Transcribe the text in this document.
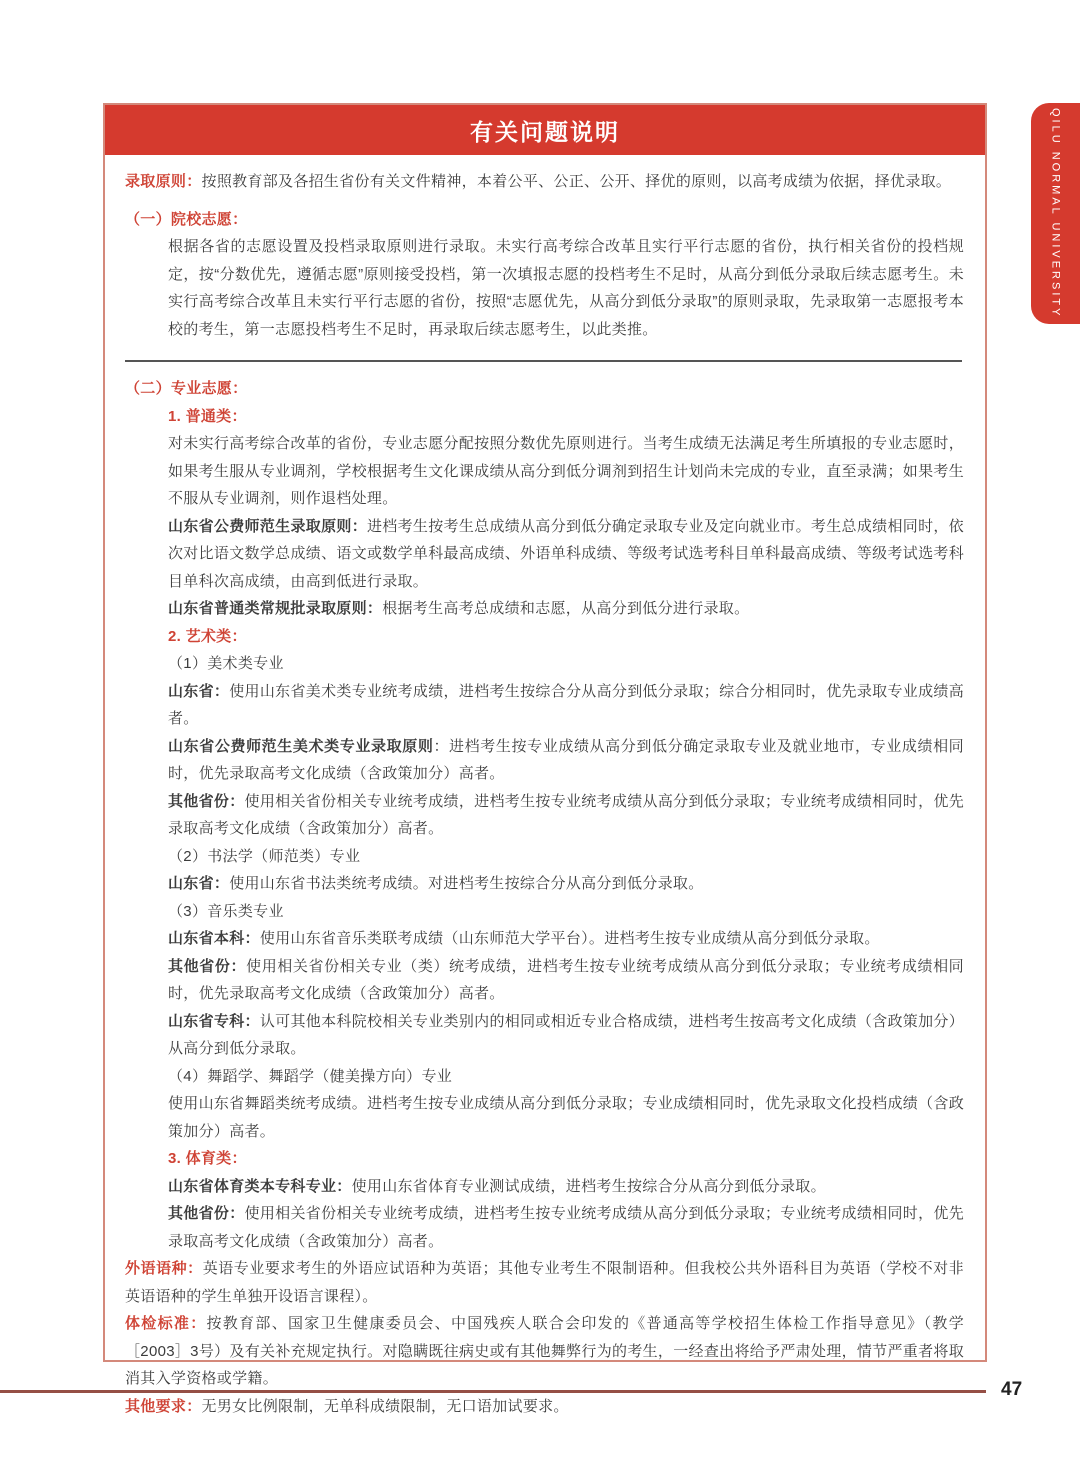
有关问题说明
录取原则：按照教育部及各招生省份有关文件精神，本着公平、公正、公开、择优的原则，以高考成绩为依据，择优录取。
（一）院校志愿：
根据各省的志愿设置及投档录取原则进行录取。未实行高考综合改革且实行平行志愿的省份，执行相关省份的投档规定，按“分数优先，遵循志愿”原则接受投档，第一次填报志愿的投档考生不足时，从高分到低分录取后续志愿考生。未实行高考综合改革且未实行平行志愿的省份，按照“志愿优先，从高分到低分录取”的原则录取，先录取第一志愿报考本校的考生，第一志愿投档考生不足时，再录取后续志愿考生，以此类推。
（二）专业志愿：
1. 普通类：
对未实行高考综合改革的省份，专业志愿分配按照分数优先原则进行。当考生成绩无法满足考生所填报的专业志愿时，如果考生服从专业调剂，学校根据考生文化课成绩从高分到低分调剂到招生计划尚未完成的专业，直至录满；如果考生不服从专业调剂，则作退档处理。
山东省公费师范生录取原则：进档考生按考生总成绩从高分到低分确定录取专业及定向就业市。考生总成绩相同时，依次对比语文数学总成绩、语文或数学单科最高成绩、外语单科成绩、等级考试选考科目单科最高成绩、等级考试选考科目单科次高成绩，由高到低进行录取。
山东省普通类常规批录取原则：根据考生高考总成绩和志愿，从高分到低分进行录取。
2. 艺术类：
（1）美术类专业
山东省：使用山东省美术类专业统考成绩，进档考生按综合分从高分到低分录取；综合分相同时，优先录取专业成绩高者。
山东省公费师范生美术类专业录取原则：进档考生按专业成绩从高分到低分确定录取专业及就业地市，专业成绩相同时，优先录取高考文化成绩（含政策加分）高者。
其他省份：使用相关省份相关专业统考成绩，进档考生按专业统考成绩从高分到低分录取；专业统考成绩相同时，优先录取高考文化成绩（含政策加分）高者。
（2）书法学（师范类）专业
山东省：使用山东省书法类统考成绩。对进档考生按综合分从高分到低分录取。
（3）音乐类专业
山东省本科：使用山东省音乐类联考成绩（山东师范大学平台）。进档考生按专业成绩从高分到低分录取。
其他省份：使用相关省份相关专业（类）统考成绩，进档考生按专业统考成绩从高分到低分录取；专业统考成绩相同时，优先录取高考文化成绩（含政策加分）高者。
山东省专科：认可其他本科院校相关专业类别内的相同或相近专业合格成绩，进档考生按高考文化成绩（含政策加分）从高分到低分录取。
（4）舞蹈学、舞蹈学（健美操方向）专业
使用山东省舞蹈类统考成绩。进档考生按专业成绩从高分到低分录取；专业成绩相同时，优先录取文化投档成绩（含政策加分）高者。
3. 体育类：
山东省体育类本专科专业：使用山东省体育专业测试成绩，进档考生按综合分从高分到低分录取。
其他省份：使用相关省份相关专业统考成绩，进档考生按专业统考成绩从高分到低分录取；专业统考成绩相同时，优先录取高考文化成绩（含政策加分）高者。
外语语种：英语专业要求考生的外语应试语种为英语；其他专业考生不限制语种。但我校公共外语科目为英语（学校不对非英语语种的学生单独开设语言课程）。
体检标准：按教育部、国家卫生健康委员会、中国残疾人联合会印发的《普通高等学校招生体检工作指导意见》（教学［2003］3号）及有关补充规定执行。对隐瞒既往病史或有其他舞弊行为的考生，一经查出将给予严肃处理，情节严重者将取消其入学资格或学籍。
其他要求：无男女比例限制，无单科成绩限制，无口语加试要求。
QILU NORMAL UNIVERSITY
47
